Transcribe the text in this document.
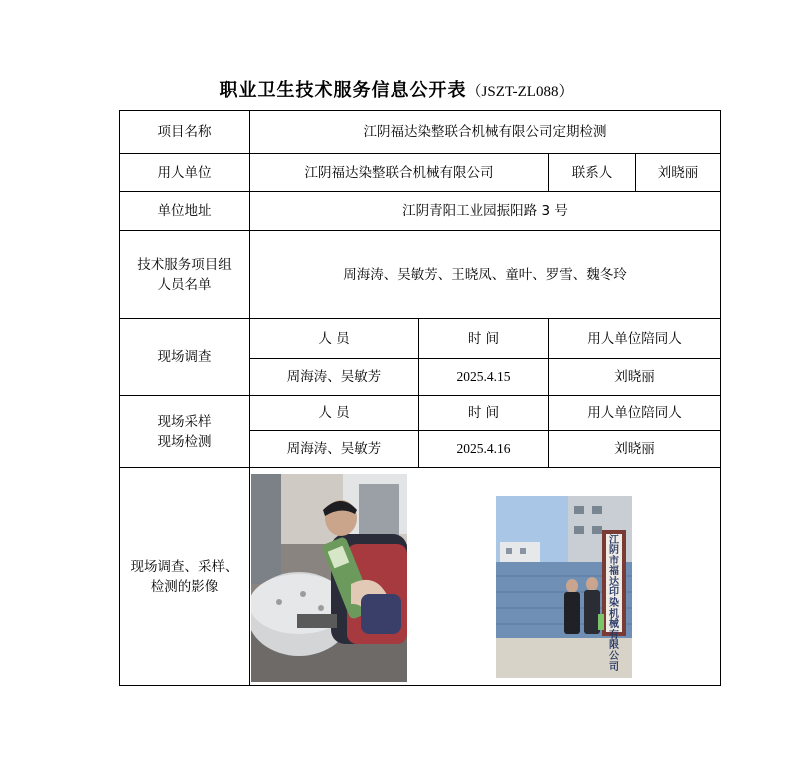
职业卫生技术服务信息公开表（JSZT-ZL088）
项目名称	江阴福达染整联合机械有限公司定期检测			
用人单位	江阴福达染整联合机械有限公司		联系人	刘晓丽
单位地址	江阴青阳工业园振阳路 3 号			

技术服务项目组
人员名单	周海涛、吴敏芳、王晓凤、童叶、罗雪、魏冬玲			
现场调查	人 员	时 间	用人单位陪同人	
	周海涛、吴敏芳	2025.4.15	刘晓丽	

现场采样
现场检测	人 员	时 间	用人单位陪同人	
	周海涛、吴敏芳	2025.4.16	刘晓丽	

现场调查、采样、
检测的影像	江阴市福达印染机械有限公司			
